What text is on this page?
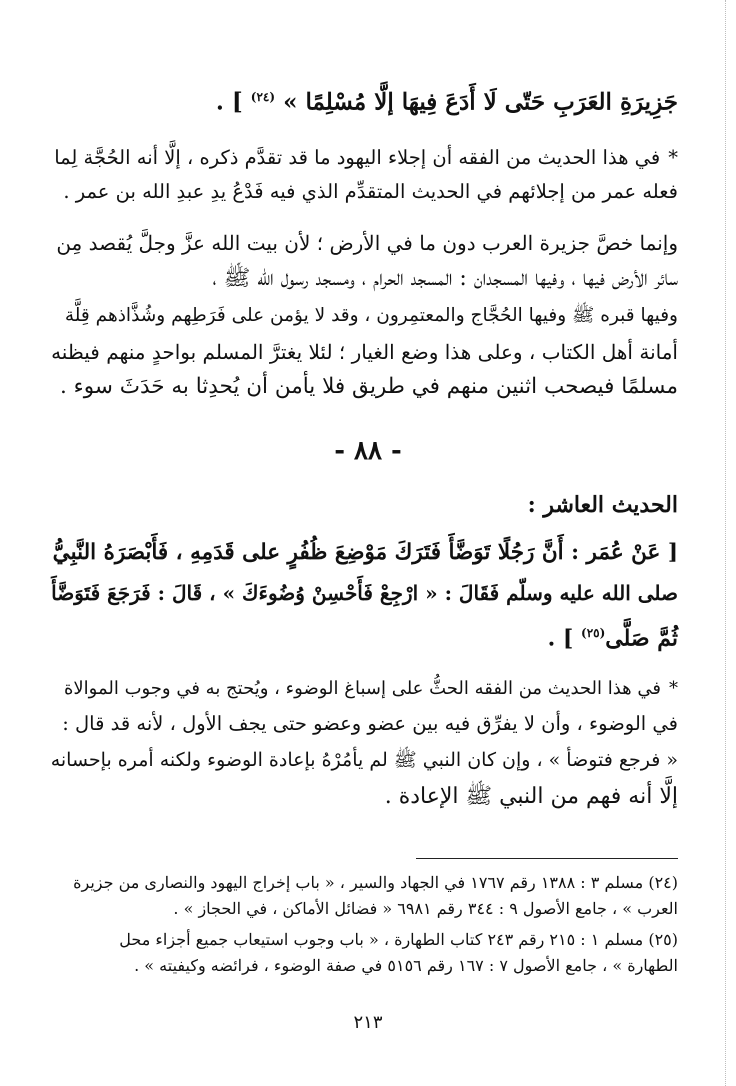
جَزِيرَةِ العَرَبِ حَتّى لَا أَدَعَ فِيهَا إلَّا مُسْلِمًا » $^{(٢٤)}$ ] .
*في هذا الحديث من الفقه أن إجلاء اليهود ما قد تقدَّم ذكره ، إلَّا أنه الحُجَّة لِما
فعله عمر من إجلائهم في الحديث المتقدِّم الذي فيه فَدْعُ يدِ عبدِ الله بن عمر .
وإنما خصَّ جزيرة العرب دون ما في الأرض ؛ لأن بيت الله عزَّ وجلَّ يُقصد مِن
سائر الأرض فيها ، وفيها المسجدان : المسجد الحرام ، ومسجد رسول الله ﷺ ،
وفيها قبره ﷺ وفيها الحُجَّاج والمعتمِرون ، وقد لا يؤمن على فَرَطِهم وشُذَّاذهم قِلَّة
أمانة أهل الكتاب ، وعلى هذا وضع الغيار ؛ لئلا يغترَّ المسلم بواحدٍ منهم فيظنه
مسلمًا فيصحب اثنين منهم في طريق فلا يأمن أن يُحدِثا به حَدَثَ سوء .
- ٨٨ -
الحديث العاشر :
[ عَنْ عُمَر : أَنَّ رَجُلًا تَوَضَّأَ فَتَرَكَ مَوْضِعَ ظُفُرٍ على قَدَمِهِ ، فَأَبْصَرَهُ النَّبِيُّ
صلى الله عليه وسلّم فَقَالَ : « ارْجِعْ فَأَحْسِنْ وُضُوءَكَ » ، قَالَ : فَرَجَعَ فَتَوَضَّأَ
ثُمَّ صَلَّى$^{(٢٥)}$ ] .
*في هذا الحديث من الفقه الحثُّ على إسباغ الوضوء ، ويُحتج به في وجوب الموالاة
في الوضوء ، وأن لا يفرِّق فيه بين عضو وعضو حتى يجف الأول ، لأنه قد قال :
« فرجع فتوضأ » ، وإن كان النبي ﷺ لم يأمُرْهُ بإعادة الوضوء ولكنه أمره بإحسانه
إلَّا أنه فهم من النبي ﷺ الإعادة .
(٢٤) مسلم ٣ : ١٣٨٨ رقم ١٧٦٧ في الجهاد والسير ، « باب إخراج اليهود والنصارى من جزيرة
العرب » ، جامع الأصول ٩ : ٣٤٤ رقم ٦٩٨١ « فضائل الأماكن ، في الحجاز » .
(٢٥) مسلم ١ : ٢١٥ رقم ٢٤٣ كتاب الطهارة ، « باب وجوب استيعاب جميع أجزاء محل
الطهارة » ، جامع الأصول ٧ : ١٦٧ رقم ٥١٥٦ في صفة الوضوء ، فرائضه وكيفيته » .
٢١٣
